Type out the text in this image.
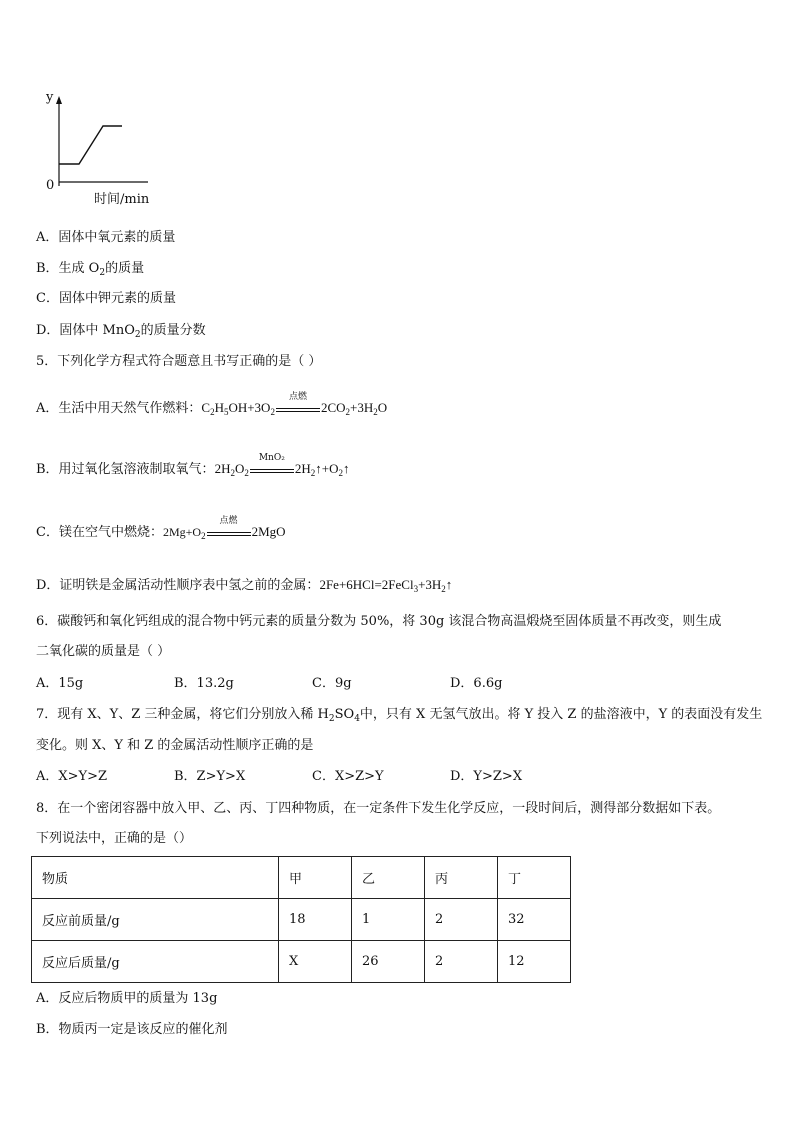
y
0
时间/min
A．固体中氧元素的质量
B．生成 $O_2$的质量
C．固体中钾元素的质量
D．固体中 MnO$_2$的质量分数
5．下列化学方程式符合题意且书写正确的是（ ）
A．生活中用天然气作燃料：$C_2H_5OH+3O_2$
点燃
$2CO_2+3H_2O$
B．用过氧化氢溶液制取氧气：$2H_2O_2$
MnO₂
$2H_2↑+O_2↑$
C．镁在空气中燃烧：$2Mg+O_2$
点燃
2MgO
D．证明铁是金属活动性顺序表中氢之前的金属：$2Fe+6HCl=2FeCl_3+3H_2↑$
6．碳酸钙和氧化钙组成的混合物中钙元素的质量分数为 50%，将 30g 该混合物高温煅烧至固体质量不再改变，则生成
二氧化碳的质量是（ ）
A．15g	B．13.2g	C．9g	D．6.6g
7．现有 X、Y、Z 三种金属，将它们分别放入稀 $H_2SO_4$中，只有 X 无氢气放出。将 Y 投入 Z 的盐溶液中，Y 的表面没有发生
变化。则 X、Y 和 Z 的金属活动性顺序正确的是
A．X>Y>Z	B．Z>Y>X	C．X>Z>Y	D．Y>Z>X
8．在一个密闭容器中放入甲、乙、丙、丁四种物质，在一定条件下发生化学反应，一段时间后，测得部分数据如下表。
下列说法中，正确的是（）
物质	甲	乙	丙	丁
反应前质量/g	18	1	2	32
反应后质量/g	X	26	2	12
A．反应后物质甲的质量为 13g
B．物质丙一定是该反应的催化剂
